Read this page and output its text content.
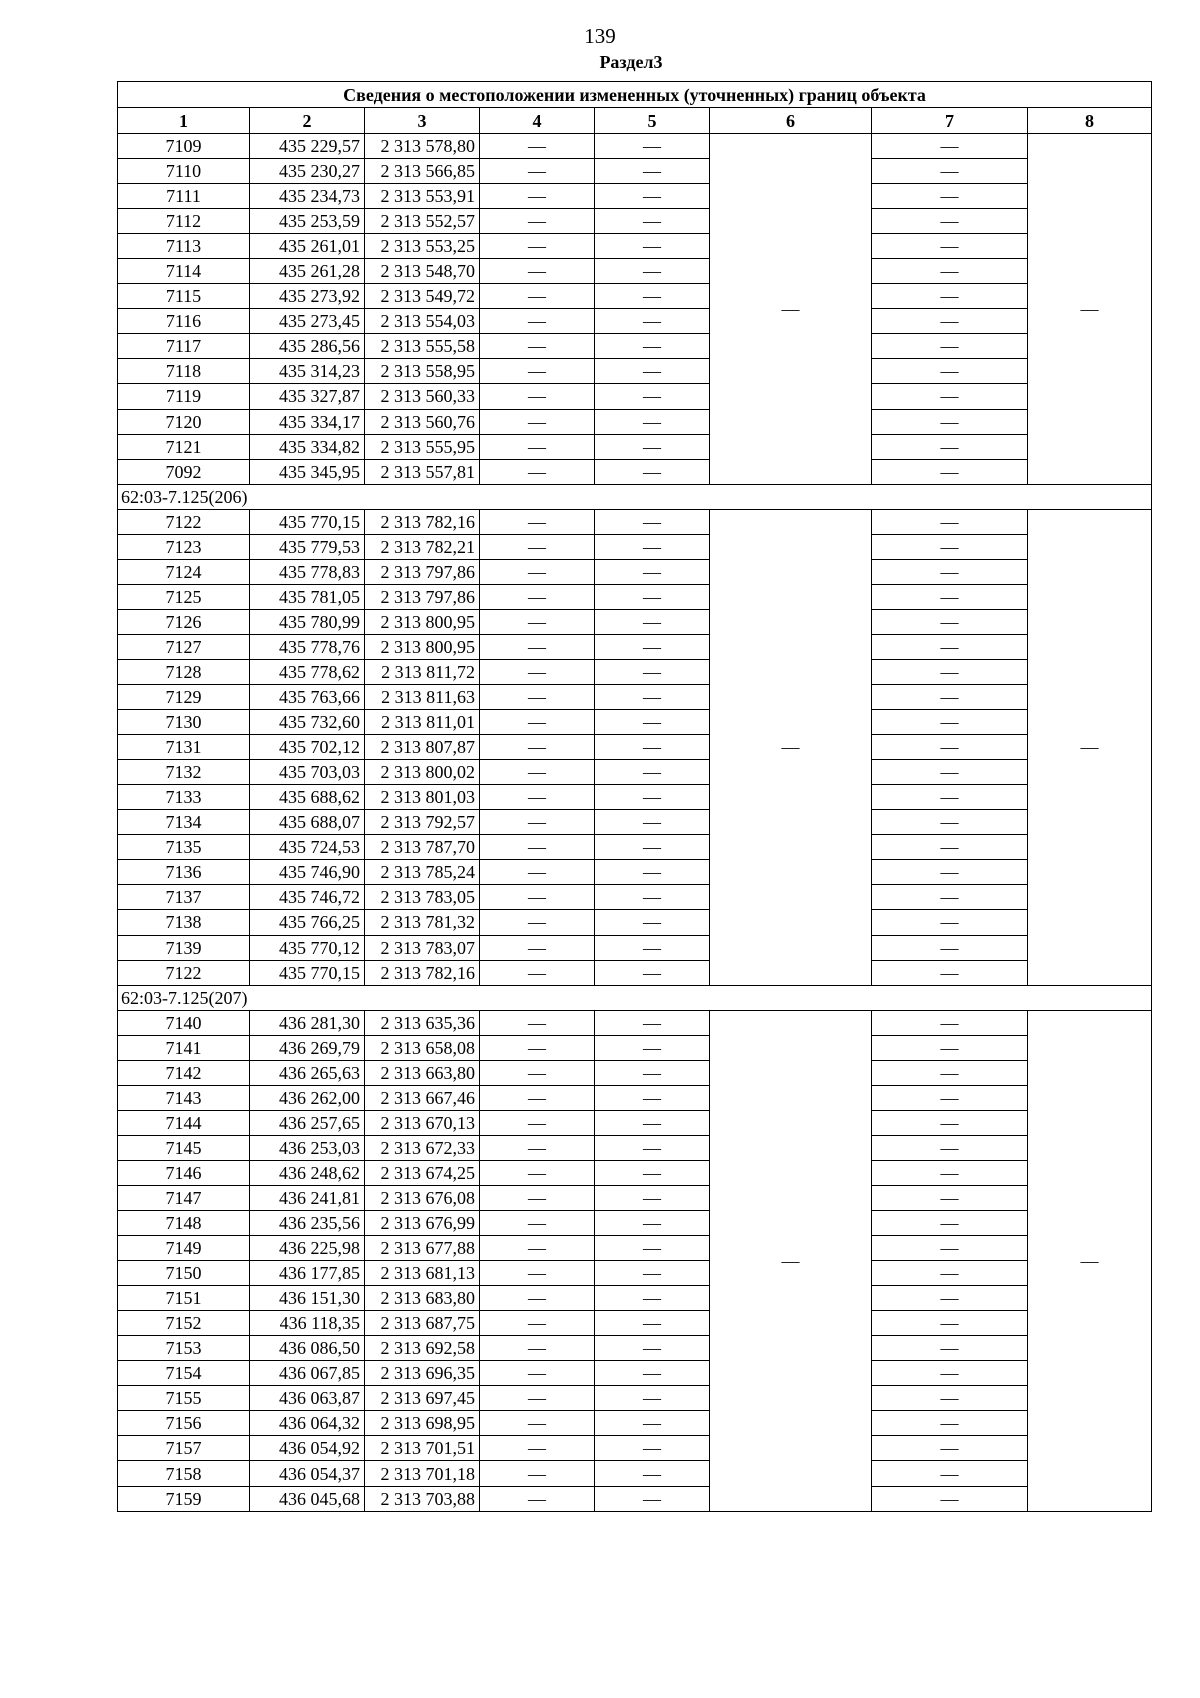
139
Раздел3
Сведения о местоположении измененных (уточненных) границ объекта							
1	2	3	4	5	6	7	8
7109	435 229,57	2 313 578,80	—	—	—	—	—
7110	435 230,27	2 313 566,85	—	—		—	
7111	435 234,73	2 313 553,91	—	—		—	
7112	435 253,59	2 313 552,57	—	—		—	
7113	435 261,01	2 313 553,25	—	—		—	
7114	435 261,28	2 313 548,70	—	—		—	
7115	435 273,92	2 313 549,72	—	—		—	
7116	435 273,45	2 313 554,03	—	—		—	
7117	435 286,56	2 313 555,58	—	—		—	
7118	435 314,23	2 313 558,95	—	—		—	
7119	435 327,87	2 313 560,33	—	—		—	
7120	435 334,17	2 313 560,76	—	—		—	
7121	435 334,82	2 313 555,95	—	—		—	
7092	435 345,95	2 313 557,81	—	—		—	
62:03-7.125(206)							
7122	435 770,15	2 313 782,16	—	—	—	—	—
7123	435 779,53	2 313 782,21	—	—		—	
7124	435 778,83	2 313 797,86	—	—		—	
7125	435 781,05	2 313 797,86	—	—		—	
7126	435 780,99	2 313 800,95	—	—		—	
7127	435 778,76	2 313 800,95	—	—		—	
7128	435 778,62	2 313 811,72	—	—		—	
7129	435 763,66	2 313 811,63	—	—		—	
7130	435 732,60	2 313 811,01	—	—		—	
7131	435 702,12	2 313 807,87	—	—		—	
7132	435 703,03	2 313 800,02	—	—		—	
7133	435 688,62	2 313 801,03	—	—		—	
7134	435 688,07	2 313 792,57	—	—		—	
7135	435 724,53	2 313 787,70	—	—		—	
7136	435 746,90	2 313 785,24	—	—		—	
7137	435 746,72	2 313 783,05	—	—		—	
7138	435 766,25	2 313 781,32	—	—		—	
7139	435 770,12	2 313 783,07	—	—		—	
7122	435 770,15	2 313 782,16	—	—		—	
62:03-7.125(207)							
7140	436 281,30	2 313 635,36	—	—	—	—	—
7141	436 269,79	2 313 658,08	—	—		—	
7142	436 265,63	2 313 663,80	—	—		—	
7143	436 262,00	2 313 667,46	—	—		—	
7144	436 257,65	2 313 670,13	—	—		—	
7145	436 253,03	2 313 672,33	—	—		—	
7146	436 248,62	2 313 674,25	—	—		—	
7147	436 241,81	2 313 676,08	—	—		—	
7148	436 235,56	2 313 676,99	—	—		—	
7149	436 225,98	2 313 677,88	—	—		—	
7150	436 177,85	2 313 681,13	—	—		—	
7151	436 151,30	2 313 683,80	—	—		—	
7152	436 118,35	2 313 687,75	—	—		—	
7153	436 086,50	2 313 692,58	—	—		—	
7154	436 067,85	2 313 696,35	—	—		—	
7155	436 063,87	2 313 697,45	—	—		—	
7156	436 064,32	2 313 698,95	—	—		—	
7157	436 054,92	2 313 701,51	—	—		—	
7158	436 054,37	2 313 701,18	—	—		—	
7159	436 045,68	2 313 703,88	—	—		—	
